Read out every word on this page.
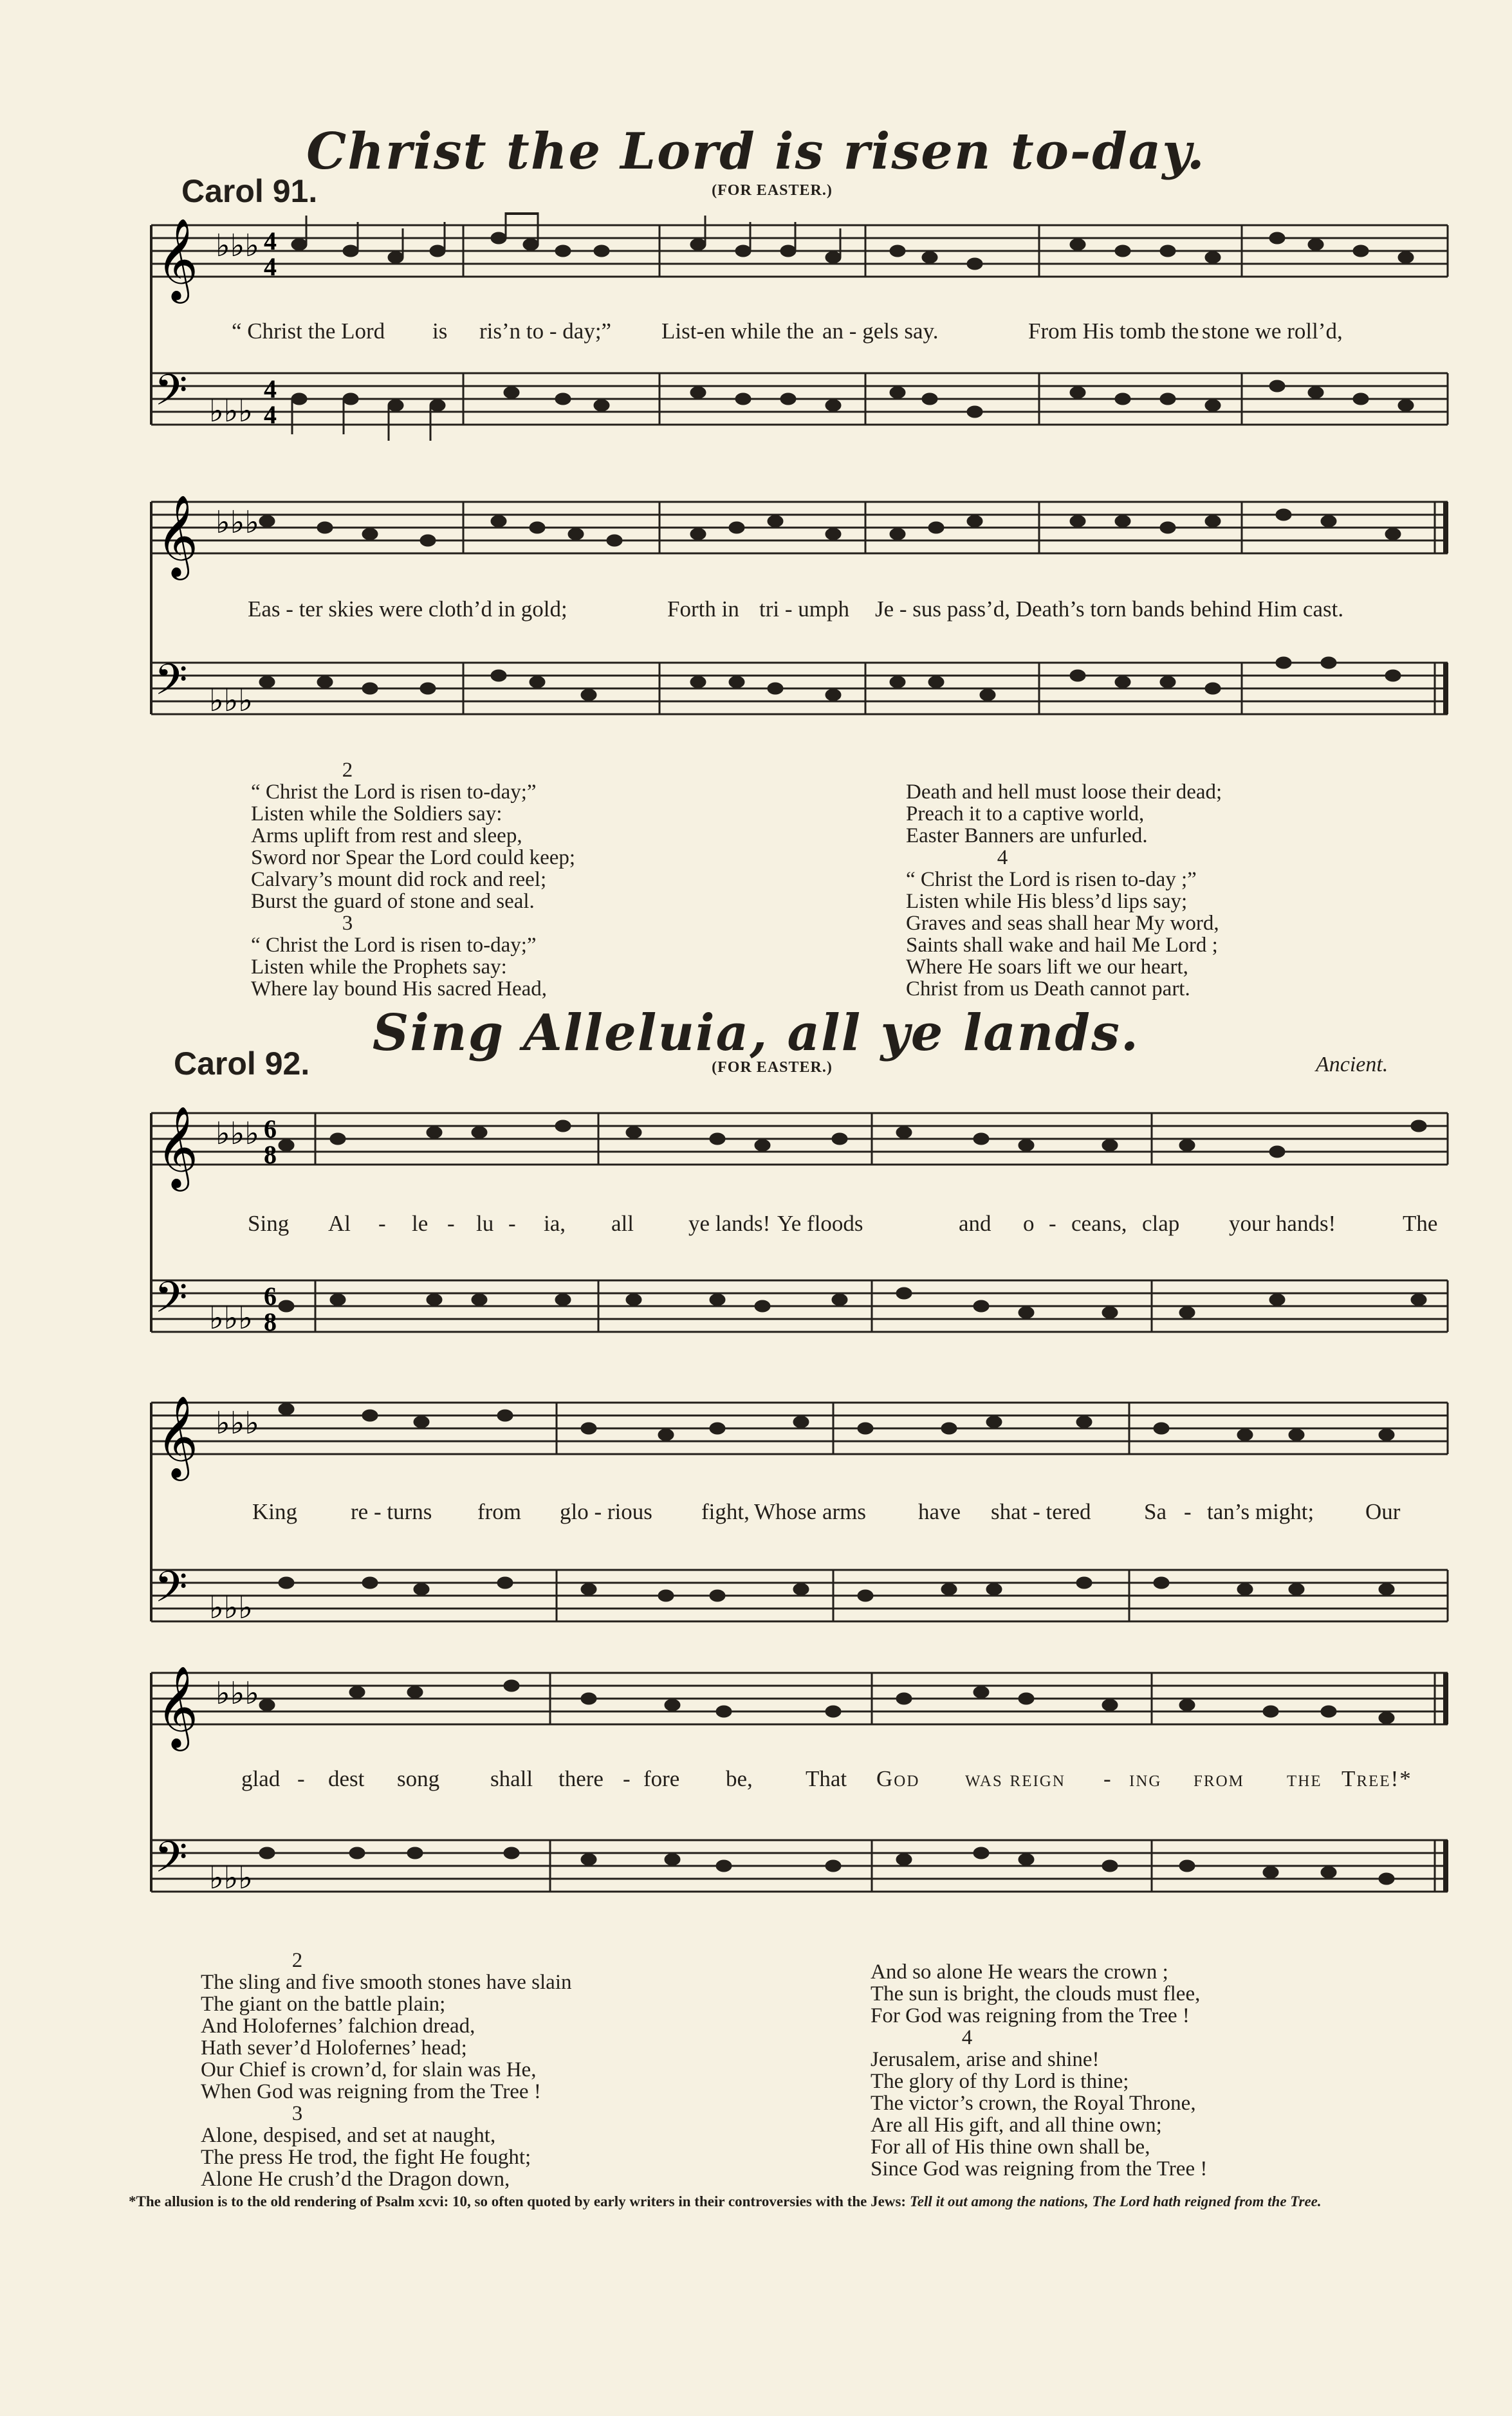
Christ the Lord is risen to-day.
Carol 91.	(FOR EASTER.)
𝄞 ♭♭♭ 4
4
𝄢 ♭♭♭
4
4
𝄞 ♭♭♭
𝄢 ♭♭♭
“ Christ the Lord is ris’n to - day;” List-en while the an - gels say.	From His tomb the stone we roll’d,
Eas - ter skies were cloth’d in gold;	Forth in tri - umph Je - sus pass’d, Death’s torn bands behind Him cast.
2
“ Christ the Lord is risen to-day;”
Listen while the Soldiers say:
Arms uplift from rest and sleep,
Sword nor Spear the Lord could keep;
Calvary’s mount did rock and reel;
Burst the guard of stone and seal.
3
“ Christ the Lord is risen to-day;”
Listen while the Prophets say:
Where lay bound His sacred Head,
Death and hell must loose their dead;
Preach it to a captive world,
Easter Banners are unfurled.
4
“ Christ the Lord is risen to-day ;”
Listen while His bless’d lips say;
Graves and seas shall hear My word,
Saints shall wake and hail Me Lord ;
Where He soars lift we our heart,
Christ from us Death cannot part.
Sing Alleluia, all ye lands.
Carol 92.	(FOR EASTER.)	Ancient.
𝄞 ♭♭♭ 6
8
𝄢 ♭♭♭
6
8
𝄞 ♭♭♭
𝄢 ♭♭♭
𝄞 ♭♭♭
𝄢 ♭♭♭
Sing Al - le - lu - ia, all ye lands! Ye floods	and o - ceans, clap your hands!	The
King re - turns from glo - rious fight, Whose arms have shat - tered Sa - tan’s might; Our
glad - dest song shall there - fore be, That God was reign - ing from the Tree!*
2
The sling and five smooth stones have slain
The giant on the battle plain;
And Holofernes’ falchion dread,
Hath sever’d Holofernes’ head;
Our Chief is crown’d, for slain was He,
When God was reigning from the Tree !
3
Alone, despised, and set at naught,
The press He trod, the fight He fought;
Alone He crush’d the Dragon down,
And so alone He wears the crown ;
The sun is bright, the clouds must flee,
For God was reigning from the Tree !
4
Jerusalem, arise and shine!
The glory of thy Lord is thine;
The victor’s crown, the Royal Throne,
Are all His gift, and all thine own;
For all of His thine own shall be,
Since God was reigning from the Tree !
*The allusion is to the old rendering of Psalm xcvi: 10, so often quoted by early writers in their controversies with the Jews: Tell it out among the nations, The Lord hath reigned from the Tree.
